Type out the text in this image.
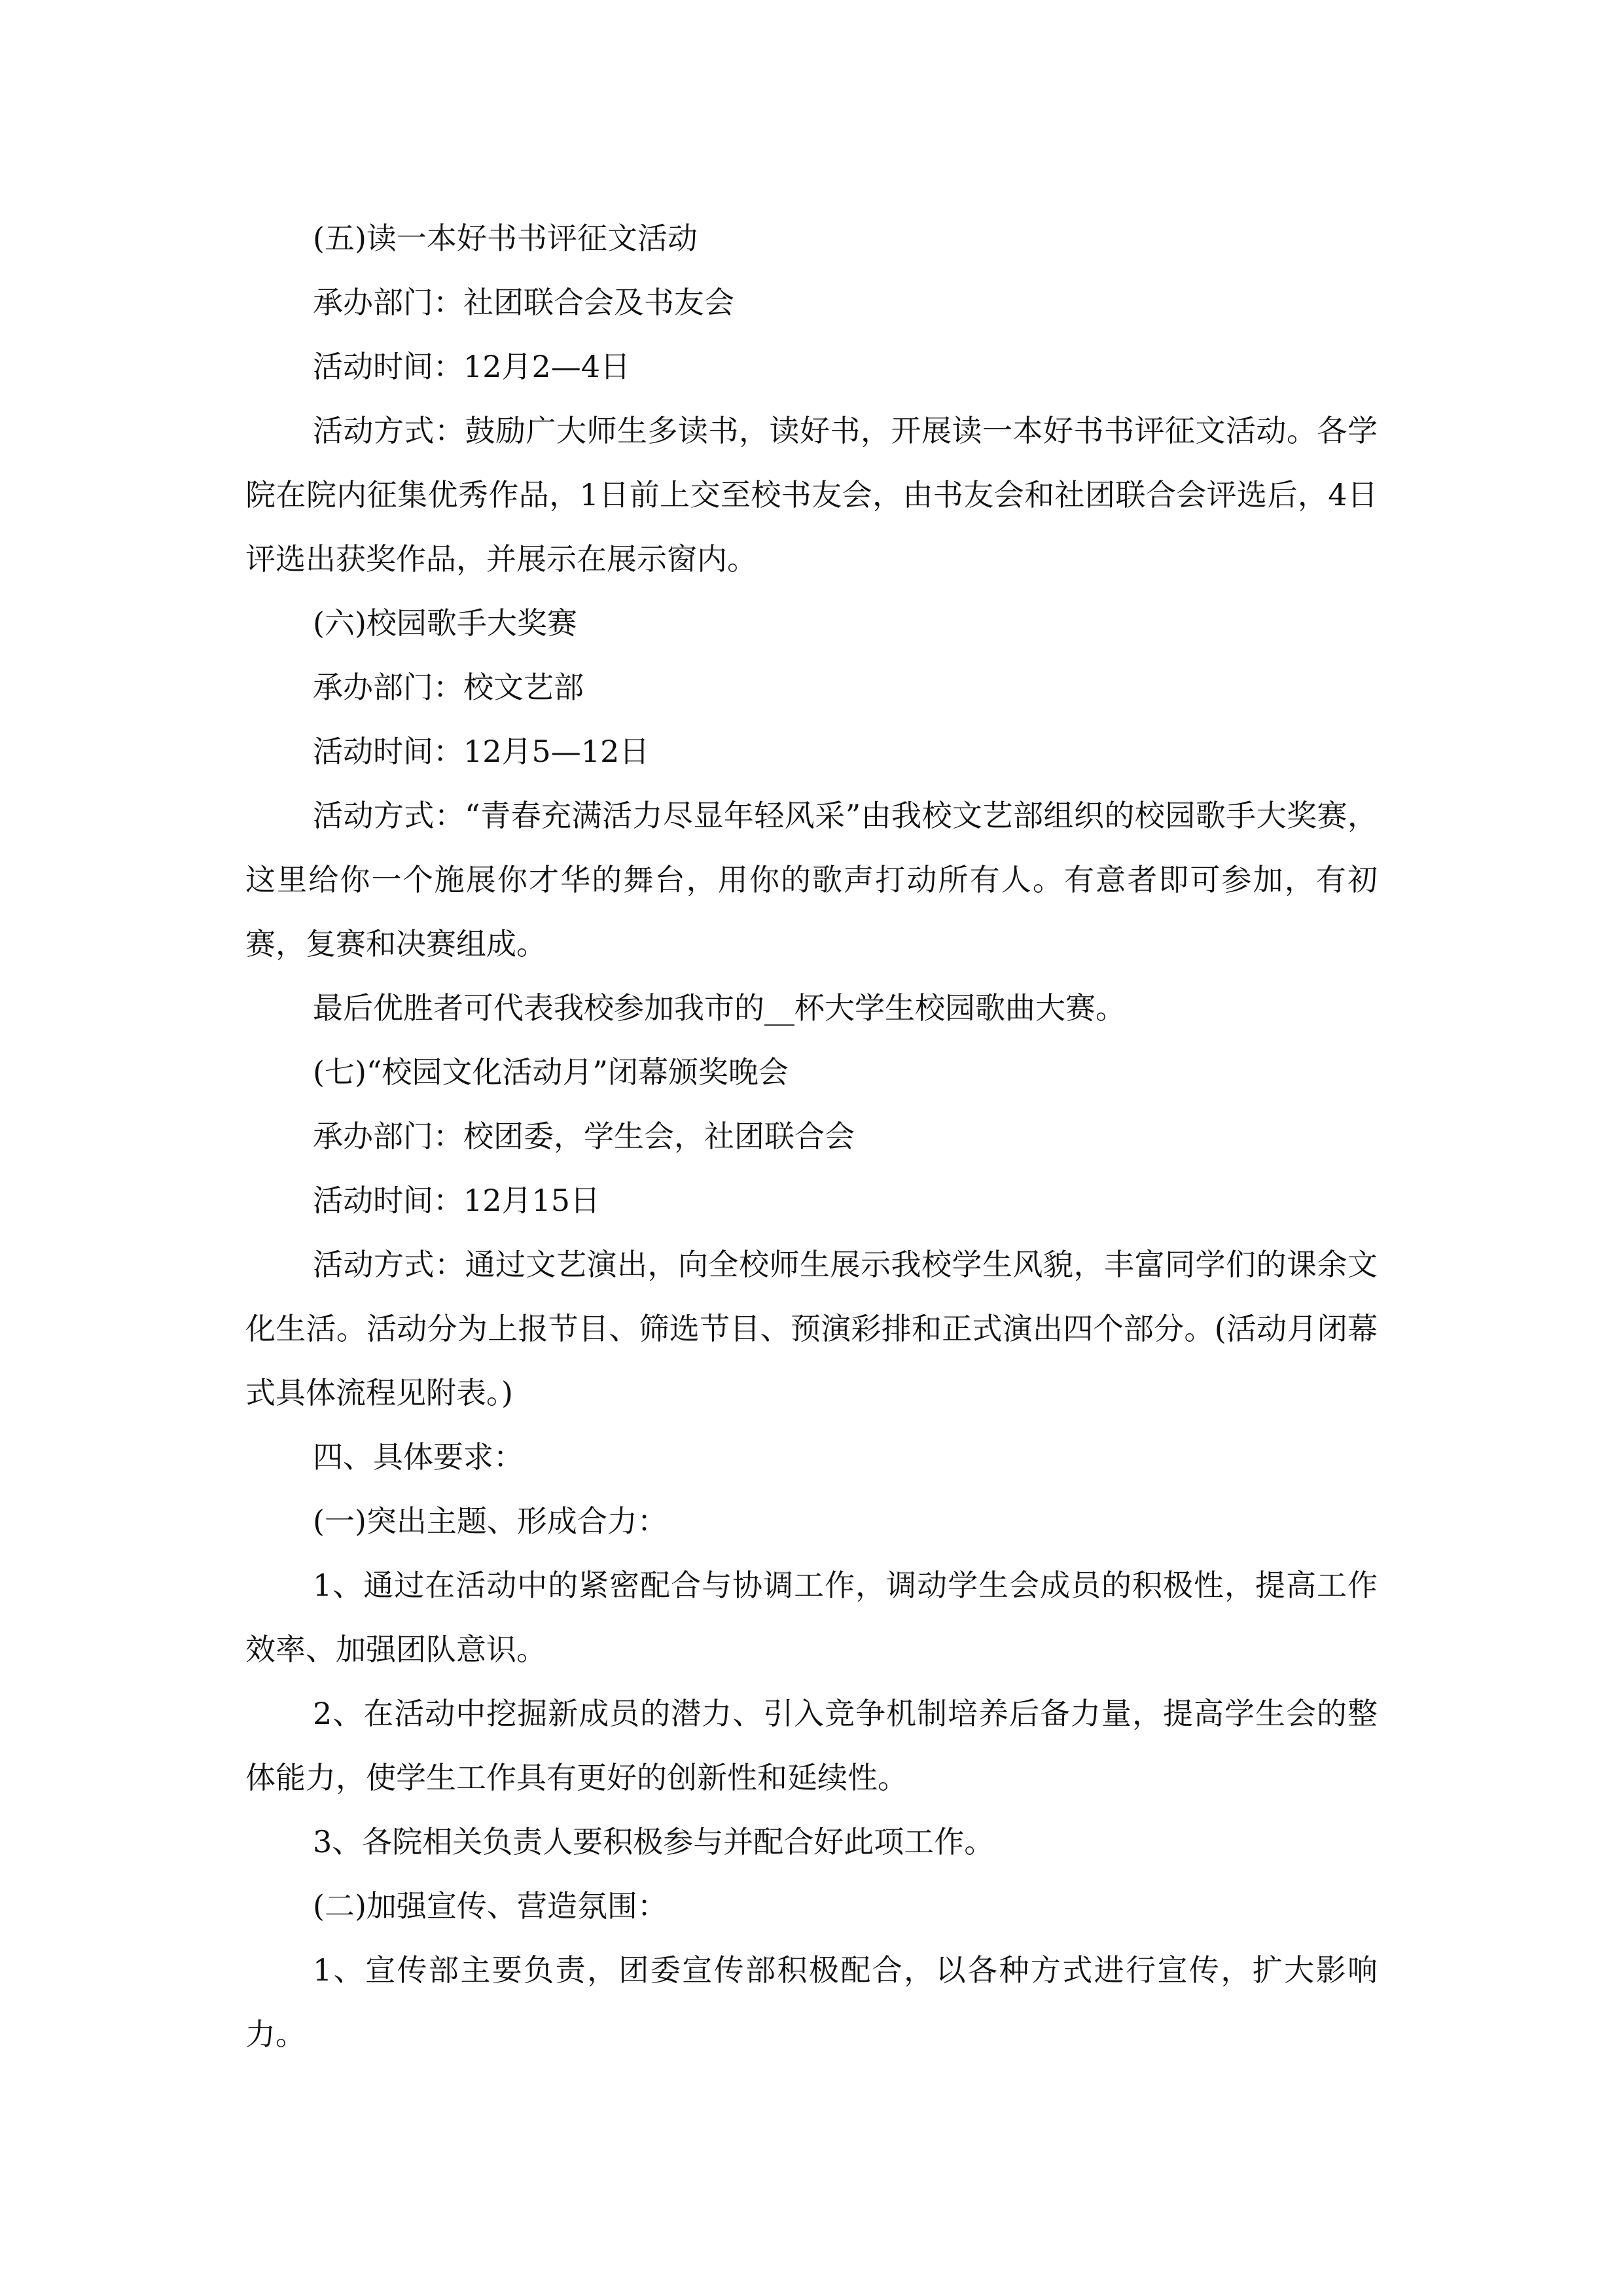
(五)读一本好书书评征文活动

承办部门：社团联合会及书友会

活动时间：12月2—4日

活动方式：鼓励广大师生多读书，读好书，开展读一本好书书评征文活动。各学院在院内征集优秀作品，1日前上交至校书友会，由书友会和社团联合会评选后，4日评选出获奖作品，并展示在展示窗内。

(六)校园歌手大奖赛

承办部门：校文艺部

活动时间：12月5—12日

活动方式：“青春充满活力尽显年轻风采”由我校文艺部组织的校园歌手大奖赛，这里给你一个施展你才华的舞台，用你的歌声打动所有人。有意者即可参加，有初赛，复赛和决赛组成。

最后优胜者可代表我校参加我市的__杯大学生校园歌曲大赛。

(七)“校园文化活动月”闭幕颁奖晚会

承办部门：校团委，学生会，社团联合会

活动时间：12月15日

活动方式：通过文艺演出，向全校师生展示我校学生风貌，丰富同学们的课余文化生活。活动分为上报节目、筛选节目、预演彩排和正式演出四个部分。(活动月闭幕式具体流程见附表。)

四、具体要求：

(一)突出主题、形成合力：

1、通过在活动中的紧密配合与协调工作，调动学生会成员的积极性，提高工作效率、加强团队意识。

2、在活动中挖掘新成员的潜力、引入竞争机制培养后备力量，提高学生会的整体能力，使学生工作具有更好的创新性和延续性。

3、各院相关负责人要积极参与并配合好此项工作。

(二)加强宣传、营造氛围：

1、宣传部主要负责，团委宣传部积极配合，以各种方式进行宣传，扩大影响力。
